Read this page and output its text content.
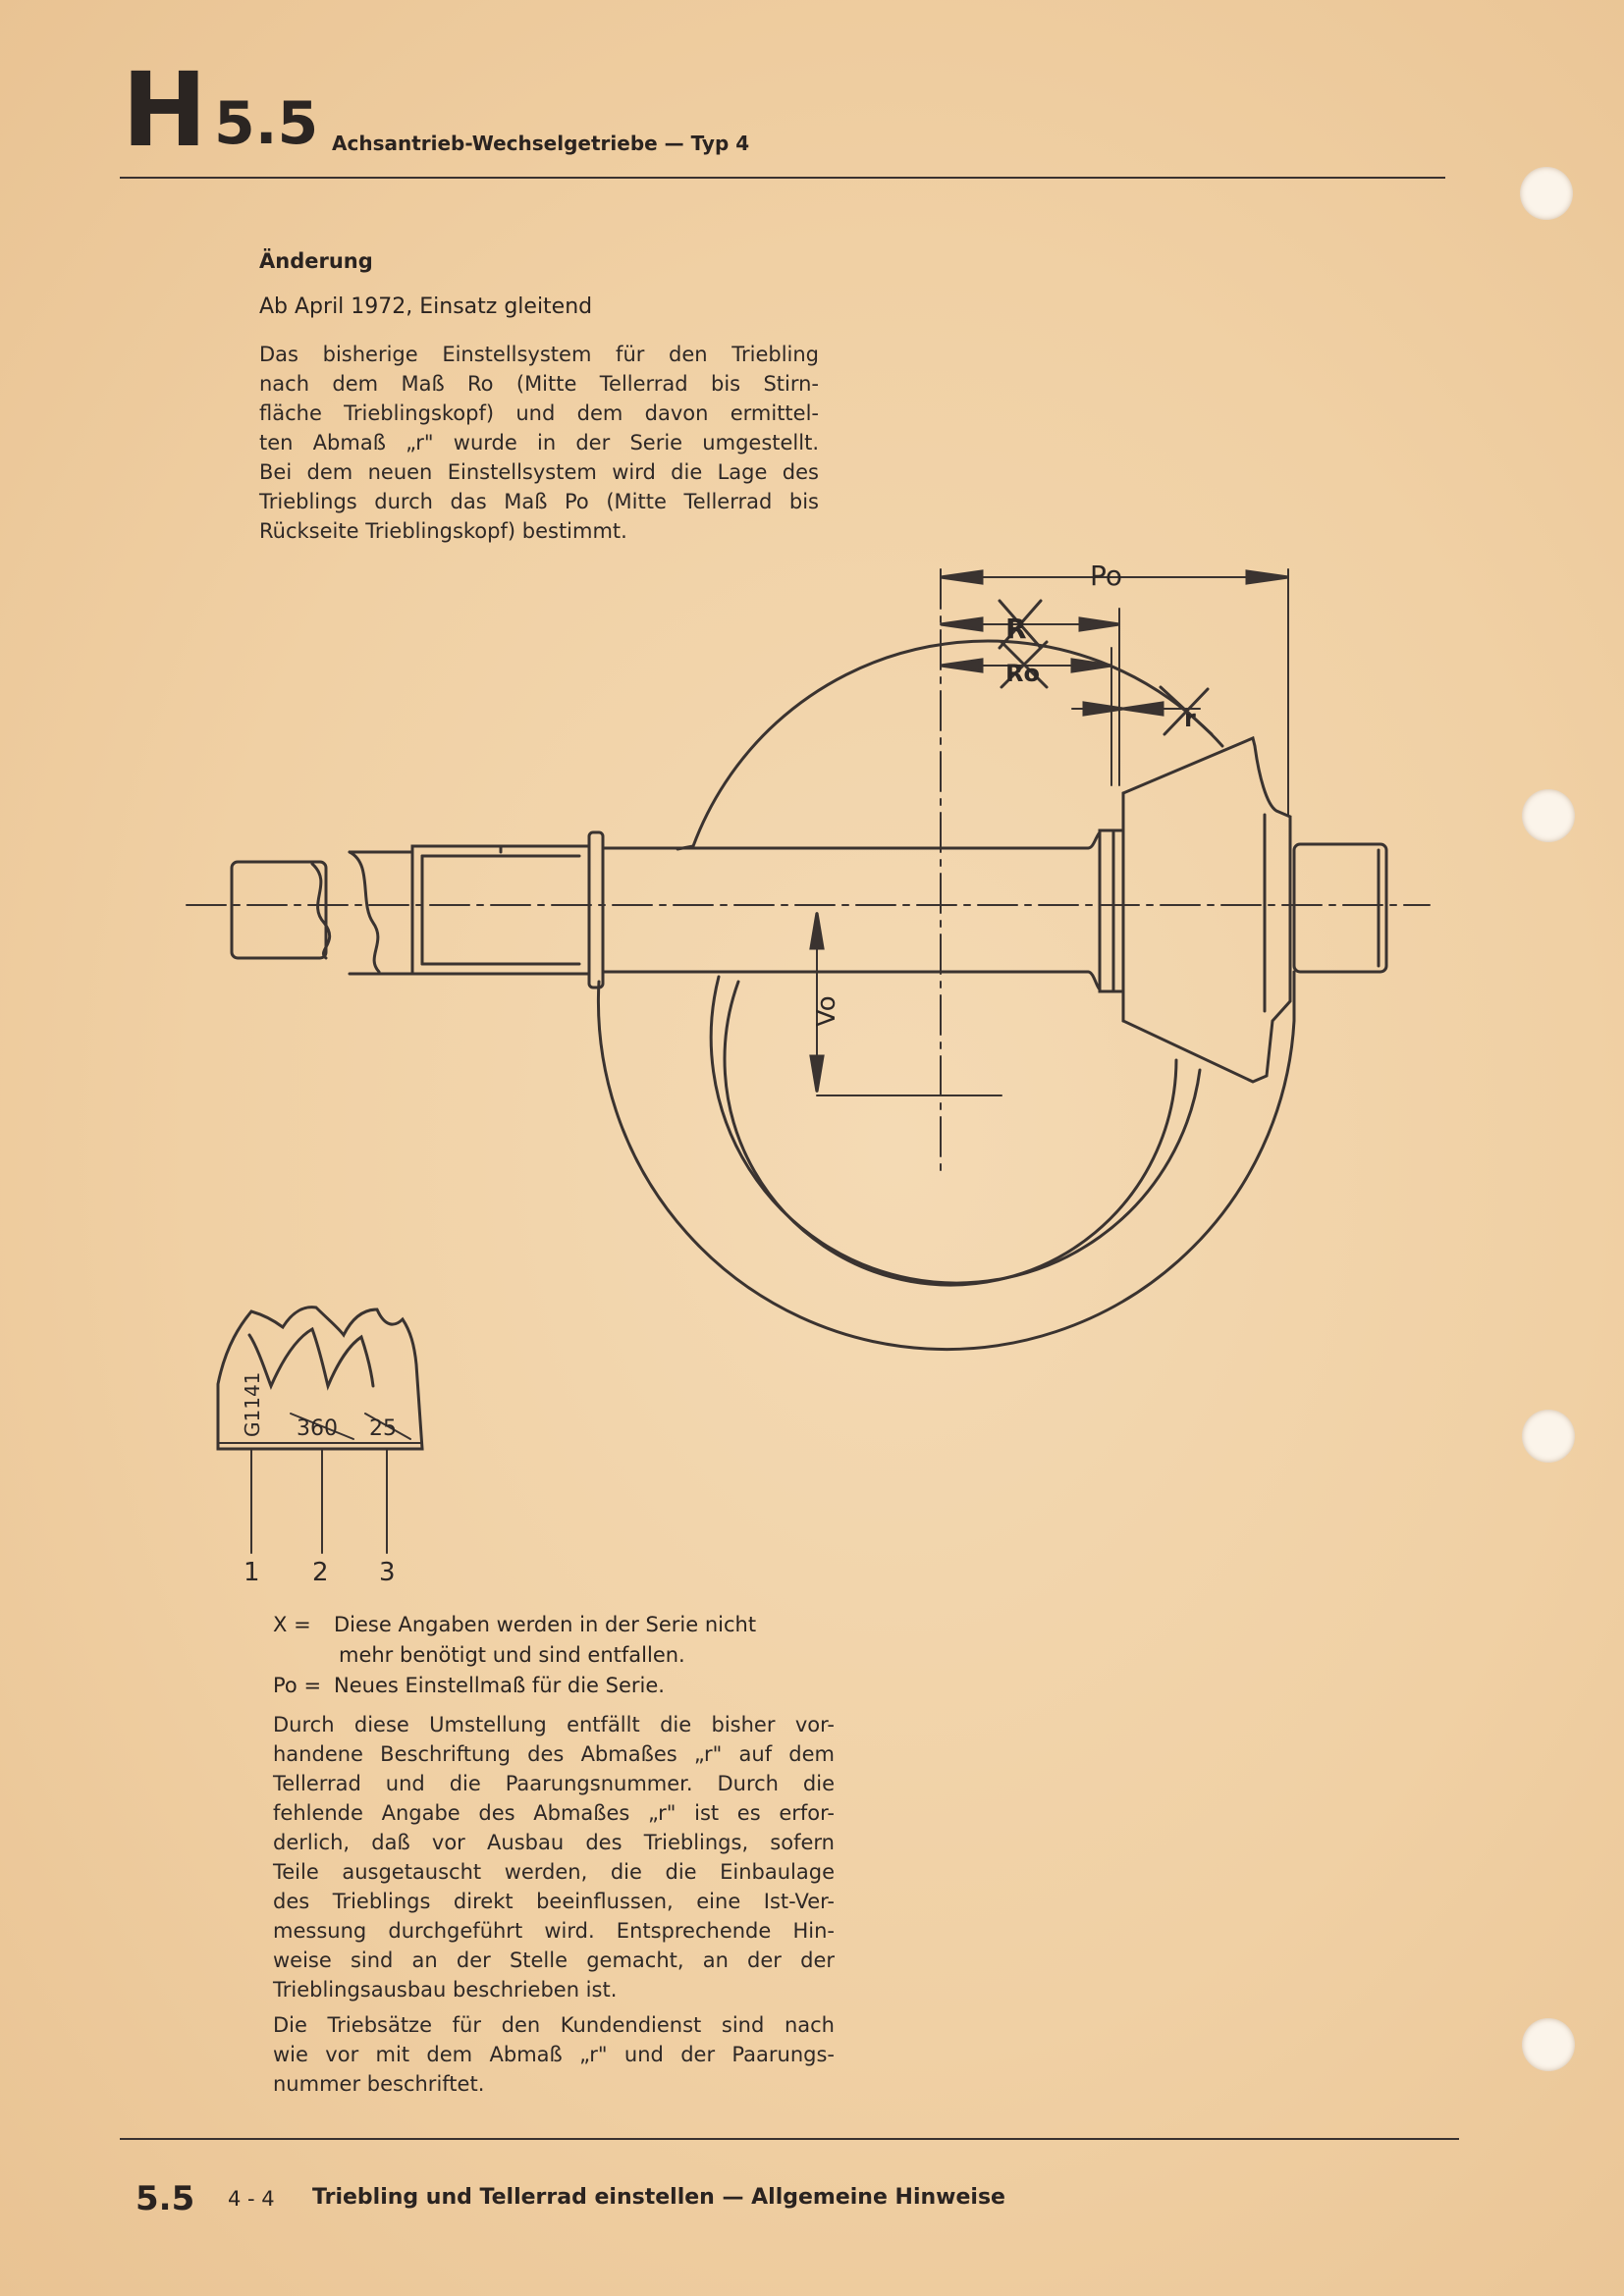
H 5.5 Achsantrieb-Wechselgetriebe — Typ 4
Änderung
Ab April 1972, Einsatz gleitend
Das bisherige Einstellsystem für den Triebling
nach dem Maß Ro (Mitte Tellerrad bis Stirn-
fläche Trieblingskopf) und dem davon ermittel-
ten Abmaß „r" wurde in der Serie umgestellt.
Bei dem neuen Einstellsystem wird die Lage des
Trieblings durch das Maß Po (Mitte Tellerrad bis
Rückseite Trieblingskopf) bestimmt.
Po
R
Ro
r
Vo
G1141 360 25
1 2 3
X =	Diese Angaben werden in der Serie nicht
mehr benötigt und sind entfallen.
Po = Neues Einstellmaß für die Serie.
Durch diese Umstellung entfällt die bisher vor-
handene Beschriftung des Abmaßes „r" auf dem
Tellerrad und die Paarungsnummer. Durch die
fehlende Angabe des Abmaßes „r" ist es erfor-
derlich, daß vor Ausbau des Trieblings, sofern
Teile ausgetauscht werden, die die Einbaulage
des Trieblings direkt beeinflussen, eine Ist-Ver-
messung durchgeführt wird. Entsprechende Hin-
weise sind an der Stelle gemacht, an der der
Trieblingsausbau beschrieben ist.
Die Triebsätze für den Kundendienst sind nach
wie vor mit dem Abmaß „r" und der Paarungs-
nummer beschriftet.
5.5 4 - 4 Triebling und Tellerrad einstellen — Allgemeine Hinweise
